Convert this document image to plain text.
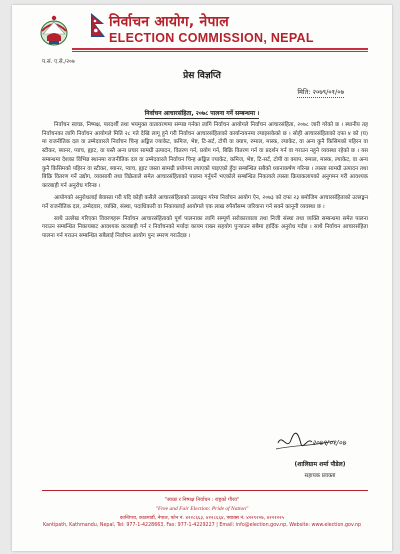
निर्वाचन आयोग, नेपाल
ELECTION COMMISSION, NEPAL
प.सं. ए.से./२०७
प्रेस विज्ञप्ति
मिति: २०७९/०१/०७
निर्वाचन आचारसंहिता, २०७८ पालना गर्ने सम्बन्धमा ।

निर्वाचन स्वच्छ, निष्पक्ष, पारदर्शी तथा भयमुक्त वातावरणमा सम्पन्न गर्नका लागि निर्वाचन आयोगले निर्वाचन आचारसंहिता, २०७८ जारी गरेको छ । स्थानीय तह निर्वाचनका लागि निर्वाचन आयोगले मिति २८ गते देखि लागू हुने गरी निर्वाचन आचारसंहिताको कार्यान्वयनमा ल्याइसकेको छ । सोही आचारसंहिताको दफा ४ को (घ) मा राजनीतिक दल वा उम्मेदवारले निर्वाचन चिन्ह अङ्कित ज्याकेट, कमिज, भेष्ट, टि-सर्ट, टोपी वा क्याप, रुमाल, मास्क, ल्याकेट, वा अन्य कुनै किसिमको पहिरन वा स्टीकर, ब्यानर, प्याच, ह्याट, वा यस्तै अन्य प्रचार सामग्री उत्पादन, वितरण गर्न, प्रयोग गर्न, बिक्रि वितरण गर्न वा प्रदर्शन गर्न वा गराउन नहुने व्यवस्था रहेको छ । यस सम्बन्धमा देशका विभिन्न स्थानमा राजनीतिक दल वा उम्मेदवारले निर्वाचन चिन्ह अङ्कित ज्याकेट, कमिज, भेष्ट, टि-सर्ट, टोपी वा क्याप, रुमाल, मास्क, ल्याकेट, वा अन्य कुनै किसिमको पहिरन वा स्टीकर, ब्यानर, प्याच, ह्याट जस्ता सामग्री प्रयोगमा ल्याएको पाइएको हुँदा सम्बन्धित सबैको ध्यानाकर्षण गरिन्छ । त्यस्ता सामग्री उत्पादन तथा बिक्रि वितरण गर्ने उद्योग, व्यवसायी तथा विक्रेताले समेत आचारसंहिताको पालना गर्नुपर्ने भएकोले सम्बन्धित निकायले त्यस्ता क्रियाकलापको अनुगमन गरी आवश्यक कारबाही गर्न अनुरोध गरिन्छ ।

आयोगको अनुरोधलाई बेवास्ता गरी यदि कोही कसैले आचारसंहिताको उल्लङ्घन गरेमा निर्वाचन आयोग ऐन, २०७३ को दफा २३ बमोजिम आचारसंहिताको उल्लङ्घन गर्ने राजनीतिक दल, उम्मेदवार, व्यक्ति, संस्था, पदाधिकारी वा निकायलाई आयोगले एक लाख रुपैयाँसम्म जरिवाना गर्न सक्ने कानूनी व्यवस्था छ ।

साथै उल्लेख गरिएका विवरणहरू निर्वाचन आचारसंहिताको पूर्ण पालनाका लागि सम्पूर्ण सरोकारवाला तथा निजी संस्था तथा व्यक्ति सम्बन्धमा समेत पालना गराउन सम्बन्धित निकायबाट आवश्यक कारबाही गर्न र निर्वाचनको मर्यादा कायम राख्न सहयोग पुर्‍याउन सबैमा हार्दिक अनुरोध गर्दछ । साथै निर्वाचन आचारसंहिता पालना गर्न गराउन सम्बन्धित सबैलाई निर्वाचन आयोग पुनः स्मरण गराउँदछ ।

२०७९/०१/०७
(शालिग्राम शर्मा पौडेल)
सहायक प्रवक्ता
"स्वच्छ र निष्पक्ष निर्वाचन : राष्ट्रको गौरव"
"Free and Fair Election: Pride of Nation"
कान्तिपथ, काठमाडौं, नेपाल, फोन नं. ४२२८६६३, ४२२८६६४, फ्याक्स नं. ४२२९२२७, ४२२१२२५
Kantipath, Kathmandu, Nepal, Tel: 977-1-4228663, Fax: 977-1-4229227 | Email: info@election.gov.np, Website: www.election.gov.np
